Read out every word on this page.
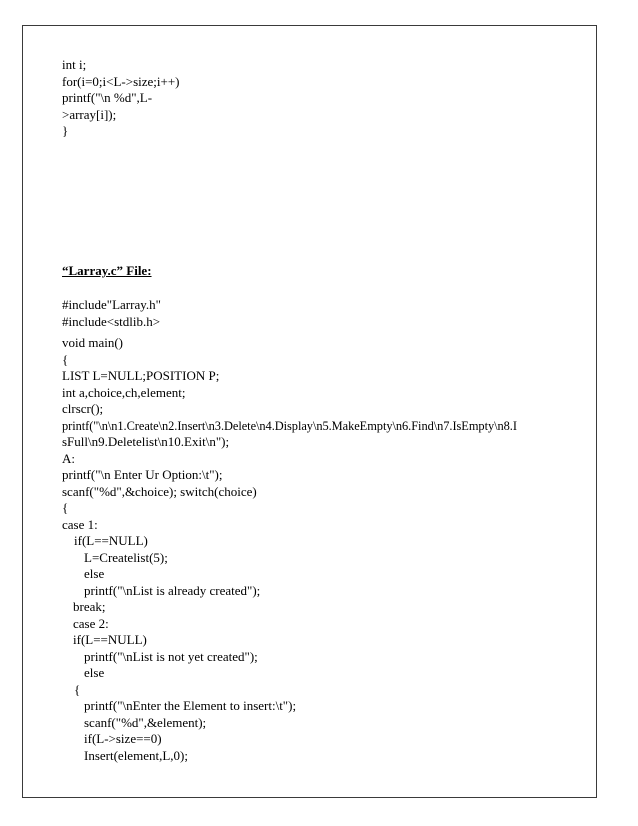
int i;
for(i=0;i<L->size;i++)
printf("\n %d",L-
>array[i]);
}
“Larray.c” File:
#include"Larray.h"
#include<stdlib.h>
void main()
{
LIST L=NULL;POSITION P;
int a,choice,ch,element;
clrscr();
printf("\n\n1.Create\n2.Insert\n3.Delete\n4.Display\n5.MakeEmpty\n6.Find\n7.IsEmpty\n8.I
sFull\n9.Deletelist\n10.Exit\n");
A:
printf("\n Enter Ur Option:\t");
scanf("%d",&choice); switch(choice)
{
case 1:
if(L==NULL)
L=Createlist(5);
else
printf("\nList is already created");
break;
case 2:
if(L==NULL)
printf("\nList is not yet created");
else
{
printf("\nEnter the Element to insert:\t");
scanf("%d",&element);
if(L->size==0)
Insert(element,L,0);
